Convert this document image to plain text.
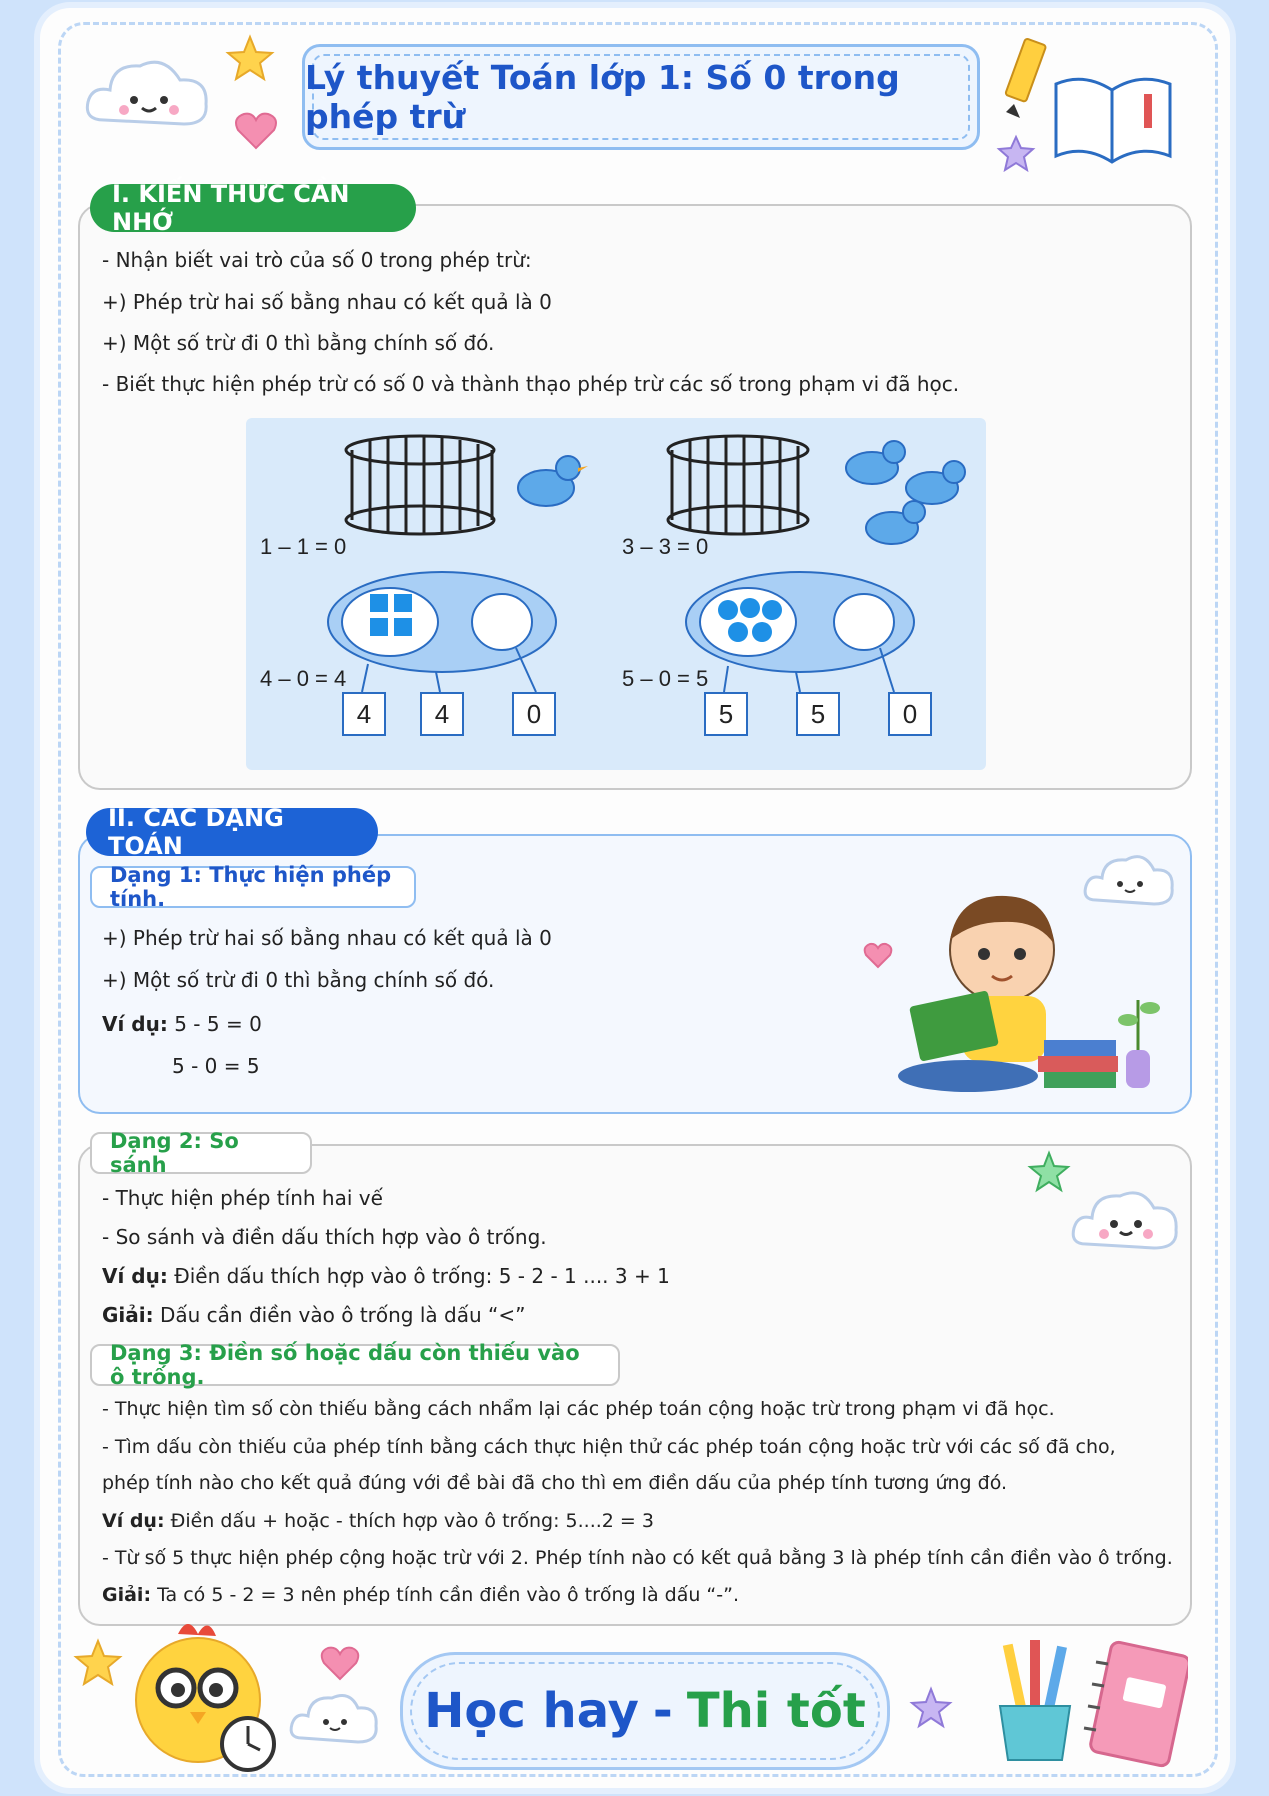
Lý thuyết Toán lớp 1: Số 0 trong phép trừ
I. KIẾN THỨC CẦN NHỚ
- Nhận biết vai trò của số 0 trong phép trừ:
+) Phép trừ hai số bằng nhau có kết quả là 0
+) Một số trừ đi 0 thì bằng chính số đó.
- Biết thực hiện phép trừ có số 0 và thành thạo phép trừ các số trong phạm vi đã học.
1 – 1 = 0	3 – 3 = 0
4 – 0 = 4
4	4	0
5 – 0 = 5
5	5	0
II. CÁC DẠNG TOÁN
Dạng 1: Thực hiện phép tính.
+) Phép trừ hai số bằng nhau có kết quả là 0
+) Một số trừ đi 0 thì bằng chính số đó.
Ví dụ: 5 - 5 = 0
5 - 0 = 5
Dạng 2: So sánh
- Thực hiện phép tính hai vế
- So sánh và điền dấu thích hợp vào ô trống.
Ví dụ: Điền dấu thích hợp vào ô trống: 5 - 2 - 1 .... 3 + 1
Giải: Dấu cần điền vào ô trống là dấu “<”
Dạng 3: Điền số hoặc dấu còn thiếu vào ô trống.
- Thực hiện tìm số còn thiếu bằng cách nhẩm lại các phép toán cộng hoặc trừ trong phạm vi đã học.
- Tìm dấu còn thiếu của phép tính bằng cách thực hiện thử các phép toán cộng hoặc trừ với các số đã cho,
phép tính nào cho kết quả đúng với đề bài đã cho thì em điền dấu của phép tính tương ứng đó.
Ví dụ: Điền dấu + hoặc - thích hợp vào ô trống: 5....2 = 3
- Từ số 5 thực hiện phép cộng hoặc trừ với 2. Phép tính nào có kết quả bằng 3 là phép tính cần điền vào ô trống.
Giải: Ta có 5 - 2 = 3 nên phép tính cần điền vào ô trống là dấu “-”.
Học hay - Thi tốt
